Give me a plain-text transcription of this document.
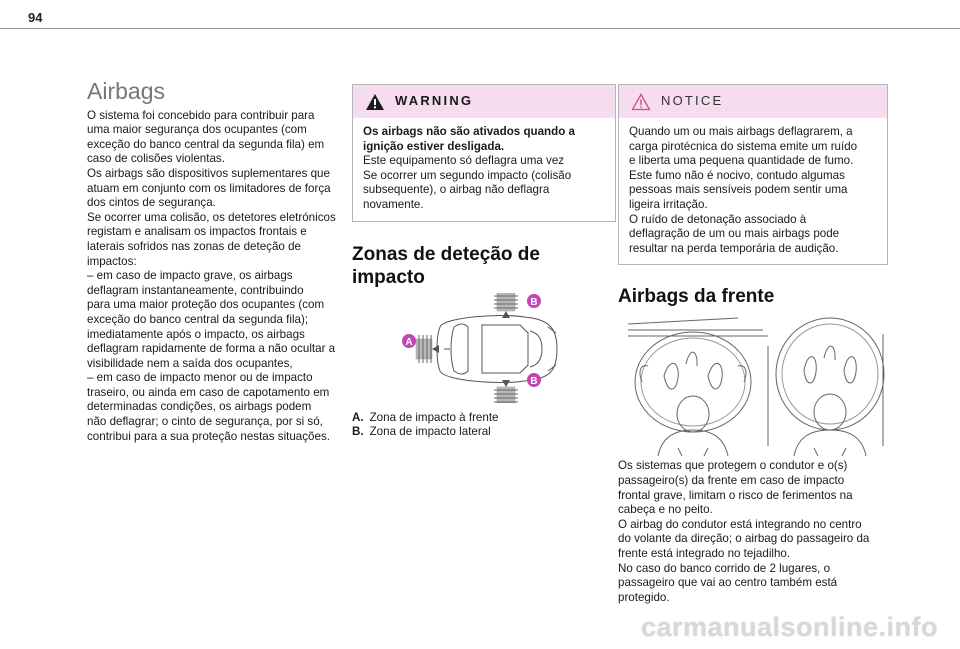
94
Airbags

O sistema foi concebido para contribuir para
uma maior segurança dos ocupantes (com
exceção do banco central da segunda fila) em
caso de colisões violentas.
Os airbags são dispositivos suplementares que
atuam em conjunto com os limitadores de força
dos cintos de segurança.
Se ocorrer uma colisão, os detetores eletrónicos
registam e analisam os impactos frontais e
laterais sofridos nas zonas de deteção de
impactos:
– em caso de impacto grave, os airbags
deflagram instantaneamente, contribuindo
para uma maior proteção dos ocupantes (com
exceção do banco central da segunda fila);
imediatamente após o impacto, os airbags
deflagram rapidamente de forma a não ocultar a
visibilidade nem a saída dos ocupantes,
– em caso de impacto menor ou de impacto
traseiro, ou ainda em caso de capotamento em
determinadas condições, os airbags podem
não deflagrar; o cinto de segurança, por si só,
contribui para a sua proteção nestas situações.

WARNING

Os airbags não são ativados quando a
ignição estiver desligada.

Este equipamento só deflagra uma vez
Se ocorrer um segundo impacto (colisão
subsequente), o airbag não deflagra
novamente.

Zonas de deteção de impacto
B
B
A
A. Zona de impacto à frente
B. Zona de impacto lateral
NOTICE

Quando um ou mais airbags deflagrarem, a
carga pirotécnica do sistema emite um ruído
e liberta uma pequena quantidade de fumo.
Este fumo não é nocivo, contudo algumas
pessoas mais sensíveis podem sentir uma
ligeira irritação.
O ruído de detonação associado à
deflagração de um ou mais airbags pode
resultar na perda temporária de audição.

Airbags da frente

Os sistemas que protegem o condutor e o(s)
passageiro(s) da frente em caso de impacto
frontal grave, limitam o risco de ferimentos na
cabeça e no peito.
O airbag do condutor está integrando no centro
do volante da direção; o airbag do passageiro da
frente está integrado no tejadilho.
No caso do banco corrido de 2 lugares, o
passageiro que vai ao centro também está
protegido.

carmanualsonline.info
